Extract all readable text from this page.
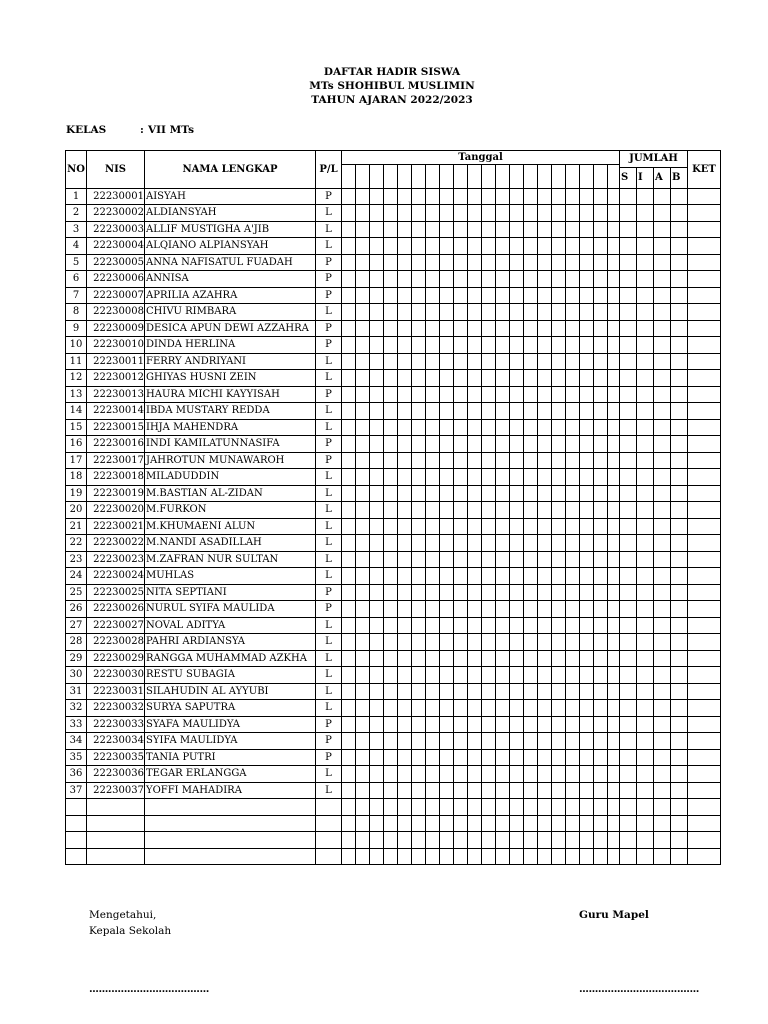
DAFTAR HADIR SISWA
MTs SHOHIBUL MUSLIMIN
TAHUN AJARAN 2022/2023
KELAS	: VII MTs
NO	NIS	NAMA LENGKAP	P/L	Tanggal																				JUMLAH				KET

																								S	I	A	B	
1	22230001	AISYAH	P																									
2	22230002	ALDIANSYAH	L																									
3	22230003	ALLIF MUSTIGHA A'JIB	L																									
4	22230004	ALQIANO ALPIANSYAH	L																									
5	22230005	ANNA NAFISATUL FUADAH	P																									
6	22230006	ANNISA	P																									
7	22230007	APRILIA AZAHRA	P																									
8	22230008	CHIVU RIMBARA	L																									
9	22230009	DESICA APUN DEWI AZZAHRA	P																									
10	22230010	DINDA HERLINA	P																									
11	22230011	FERRY ANDRIYANI	L																									
12	22230012	GHIYAS HUSNI ZEIN	L																									
13	22230013	HAURA MICHI KAYYISAH	P																									
14	22230014	IBDA MUSTARY REDDA	L																									
15	22230015	IHJA MAHENDRA	L																									
16	22230016	INDI KAMILATUNNASIFA	P																									
17	22230017	JAHROTUN MUNAWAROH	P																									
18	22230018	MILADUDDIN	L																									
19	22230019	M.BASTIAN AL-ZIDAN	L																									
20	22230020	M.FURKON	L																									
21	22230021	M.KHUMAENI ALUN	L																									
22	22230022	M.NANDI ASADILLAH	L																									
23	22230023	M.ZAFRAN NUR SULTAN	L																									
24	22230024	MUHLAS	L																									
25	22230025	NITA SEPTIANI	P																									
26	22230026	NURUL SYIFA MAULIDA	P																									
27	22230027	NOVAL ADITYA	L																									
28	22230028	PAHRI ARDIANSYA	L																									
29	22230029	RANGGA MUHAMMAD AZKHA	L																									
30	22230030	RESTU SUBAGIA	L																									
31	22230031	SILAHUDIN AL AYYUBI	L																									
32	22230032	SURYA SAPUTRA	L																									
33	22230033	SYAFA MAULIDYA	P																									
34	22230034	SYIFA MAULIDYA	P																									
35	22230035	TANIA PUTRI	P																									
36	22230036	TEGAR ERLANGGA	L																									
37	22230037	YOFFI MAHADIRA	L																									

Mengetahui,
Kepala Sekolah
Guru Mapel
......................................	......................................
